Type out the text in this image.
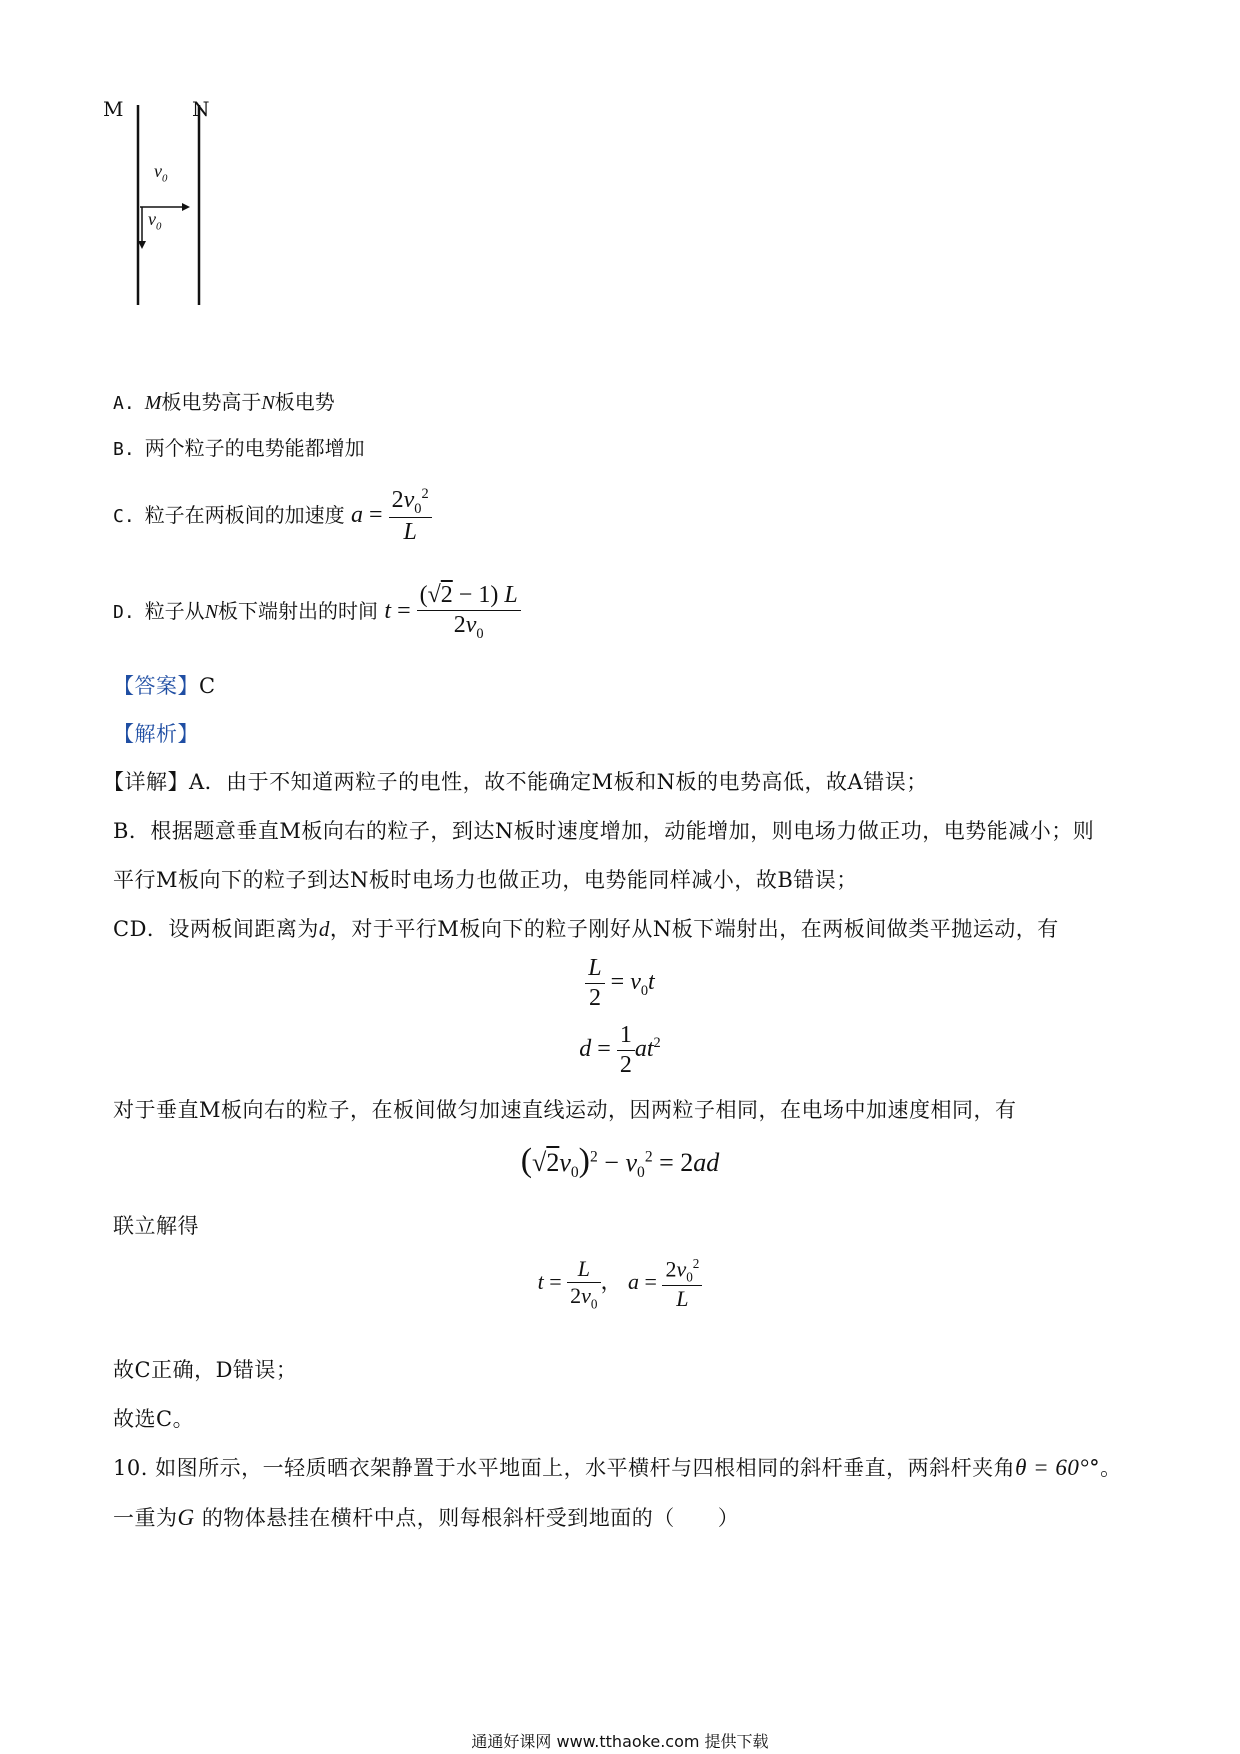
M	N
$v_0$
$v_0$
A. M板电势高于N板电势
B. 两个粒子的电势能都增加
C. 粒子在两板间的加速度 $a = \frac{2v_0^2}{L}$
D. 粒子从N板下端射出的时间 $t = \frac{(√2 - 1) L}{2v_0}$
【答案】C
【解析】
【详解】A．由于不知道两粒子的电性，故不能确定M板和N板的电势高低，故A错误；
B．根据题意垂直M板向右的粒子，到达N板时速度增加，动能增加，则电场力做正功，电势能减小；则
平行M板向下的粒子到达N板时电场力也做正功，电势能同样减小，故B错误；
CD．设两板间距离为d，对于平行M板向下的粒子刚好从N板下端射出，在两板间做类平抛运动，有
$\frac{L}{2} = v_0t$
$d = \frac{1}{2} at^2$
对于垂直M板向右的粒子，在板间做匀加速直线运动，因两粒子相同，在电场中加速度相同，有
$(√2v_0)^2 - v_0^2 = 2ad$
联立解得
$t = \frac{L}{2v_0}$ ， $a = \frac{2v_0^2}{L}$
故C正确，D错误；
故选C。
10. 如图所示，一轻质晒衣架静置于水平地面上，水平横杆与四根相同的斜杆垂直，两斜杆夹角θ = 60°°。
一重为G 的物体悬挂在横杆中点，则每根斜杆受到地面的（　　）
通通好课网 www.tthaoke.com 提供下载
